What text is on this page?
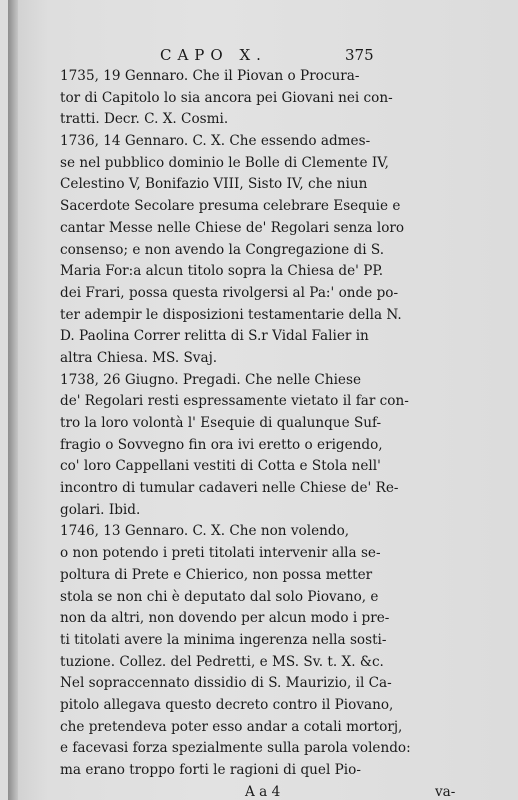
CAPO X.	375
1735, 19 Gennaro. Che il Piovan o Procura-
tor di Capitolo lo sia ancora pei Giovani nei con-
tratti. Decr. C. X. Cosmi.
1736, 14 Gennaro. C. X. Che essendo admes-
se nel pubblico dominio le Bolle di Clemente IV,
Celestino V, Bonifazio VIII, Sisto IV, che niun
Sacerdote Secolare presuma celebrare Esequie e
cantar Messe nelle Chiese de' Regolari senza loro
consenso; e non avendo la Congregazione di S.
Maria For:a alcun titolo sopra la Chiesa de' PP.
dei Frari, possa questa rivolgersi al Pa:' onde po-
ter adempir le disposizioni testamentarie della N.
D. Paolina Correr relitta di S.r Vidal Falier in
altra Chiesa. MS. Svaj.
1738, 26 Giugno. Pregadi. Che nelle Chiese
de' Regolari resti espressamente vietato il far con-
tro la loro volontà l' Esequie di qualunque Suf-
fragio o Sovvegno fin ora ivi eretto o erigendo,
co' loro Cappellani vestiti di Cotta e Stola nell'
incontro di tumular cadaveri nelle Chiese de' Re-
golari. Ibid.
1746, 13 Gennaro. C. X. Che non volendo,
o non potendo i preti titolati intervenir alla se-
poltura di Prete e Chierico, non possa metter
stola se non chi è deputato dal solo Piovano, e
non da altri, non dovendo per alcun modo i pre-
ti titolati avere la minima ingerenza nella sosti-
tuzione. Collez. del Pedretti, e MS. Sv. t. X. &c.
Nel sopraccennato dissidio di S. Maurizio, il Ca-
pitolo allegava questo decreto contro il Piovano,
che pretendeva poter esso andar a cotali mortorj,
e facevasi forza spezialmente sulla parola volendo:
ma erano troppo forti le ragioni di quel Pio-
A a 4	va-
